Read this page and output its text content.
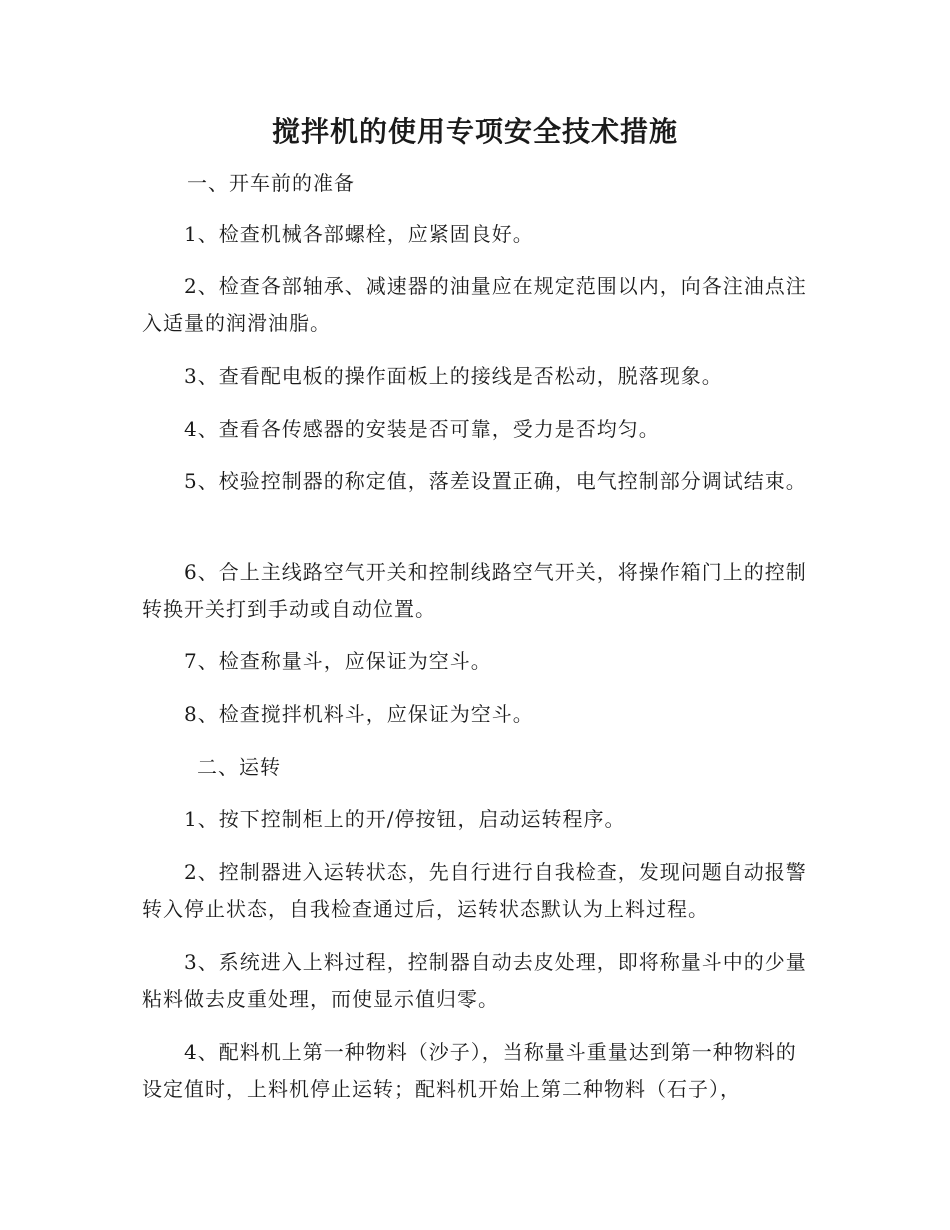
搅拌机的使用专项安全技术措施
一、开车前的准备

1、检查机械各部螺栓，应紧固良好。

2、检查各部轴承、减速器的油量应在规定范围以内，向各注油点注入适量的润滑油脂。

3、查看配电板的操作面板上的接线是否松动，脱落现象。

4、查看各传感器的安装是否可靠，受力是否均匀。

5、校验控制器的称定值，落差设置正确，电气控制部分调试结束。

6、合上主线路空气开关和控制线路空气开关，将操作箱门上的控制转换开关打到手动或自动位置。

7、检查称量斗，应保证为空斗。

8、检查搅拌机料斗，应保证为空斗。

二、运转

1、按下控制柜上的开/停按钮，启动运转程序。

2、控制器进入运转状态，先自行进行自我检查，发现问题自动报警转入停止状态，自我检查通过后，运转状态默认为上料过程。

3、系统进入上料过程，控制器自动去皮处理，即将称量斗中的少量粘料做去皮重处理，而使显示值归零。

4、配料机上第一种物料（沙子），当称量斗重量达到第一种物料的设定值时，上料机停止运转；配料机开始上第二种物料（石子），
